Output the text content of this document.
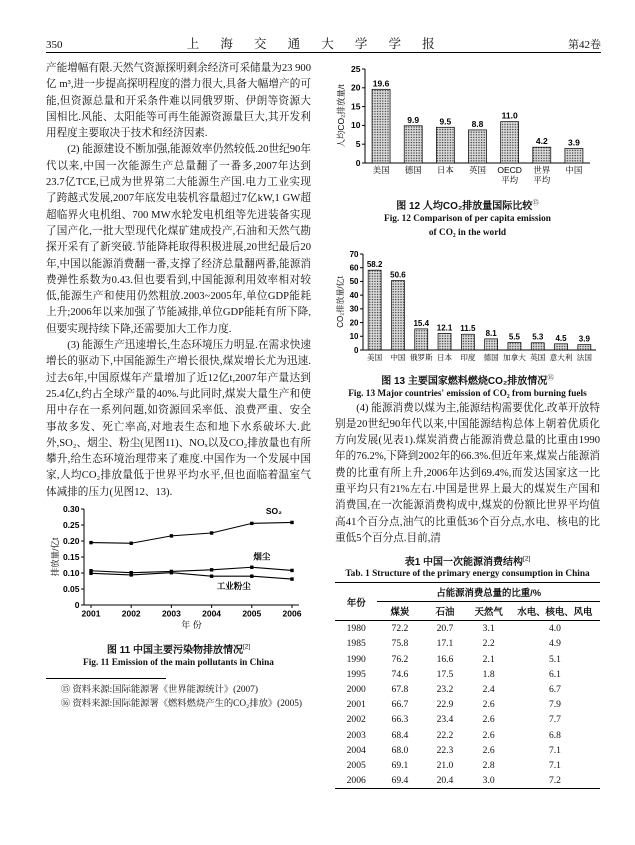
350	上 海 交 通 大 学 学 报	第42卷

产能增幅有限.天然气资源探明剩余经济可采储量为23 900 亿 m³,进一步提高探明程度的潜力很大,具备大幅增产的可能,但资源总量和开采条件难以同俄罗斯、伊朗等资源大国相比.风能、太阳能等可再生能源资源量巨大,其开发利用程度主要取决于技术和经济因素.

(2) 能源建设不断加强,能源效率仍然较低.20世纪90年代以来,中国一次能源生产总量翻了一番多,2007年达到23.7亿TCE,已成为世界第二大能源生产国.电力工业实现了跨越式发展,2007年底发电装机容量超过7亿kW,1 GW超超临界火电机组、700 MW水轮发电机组等先进装备实现了国产化,一批大型现代化煤矿建成投产,石油和天然气勘探开采有了新突破.节能降耗取得积极进展,20世纪最后20年,中国以能源消费翻一番,支撑了经济总量翻两番,能源消费弹性系数为0.43.但也要看到,中国能源利用效率相对较低,能源生产和使用仍然粗放.2003~2005年,单位GDP能耗上升;2006年以来加强了节能减排,单位GDP能耗有所下降,但要实现持续下降,还需要加大工作力度.

(3) 能源生产迅速增长,生态环境压力明显.在需求快速增长的驱动下,中国能源生产增长很快,煤炭增长尤为迅速.过去6年,中国原煤年产量增加了近12亿t,2007年产量达到25.4亿t,约占全球产量的40%.与此同时,煤炭大量生产和使用中存在一系列问题,如资源回采率低、浪费严重、安全事故多发、死亡率高,对地表生态和地下水系破坏大.此外,SO₂、烟尘、粉尘(见图11)、NOₓ以及CO₂排放量也有所攀升,给生态环境治理带来了难度.中国作为一个发展中国家,人均CO₂排放量低于世界平均水平,但也面临着温室气体减排的压力(见图12、13).

0
0.05
0.10
0.15
0.20
0.25
0.30
排放量/亿t
2001	2002	2003	2004	2005	2006
年 份
SO₂
烟尘
工业粉尘
图 11 中国主要污染物排放情况[2]
Fig. 11 Emission of the main pollutants in China

⑮ 资料来源:国际能源署《世界能源统计》(2007)

⑯ 资料来源:国际能源署《燃料燃烧产生的CO₂排放》(2005)

0
5
10
15
20
25
人均CO₂排放量/t
19.6
美国
9.9
德国
9.5
日本
8.8
英国
11.0
OECD
平均
4.2
世界
平均
3.9
中国
图 12 人均CO₂排放量国际比较⑮
Fig. 12 Comparison of per capita emission
of CO₂ in the world
0
10
20
30
40
50
60
70
CO₂排放量/亿t
58.2
美国
50.6
中国
15.4
俄罗斯
12.1
日本
11.5
印度
8.1
德国
5.5
加拿大
5.3
英国
4.5
意大利
3.9
法国
图 13 主要国家燃料燃烧CO₂排放情况⑯
Fig. 13 Major countries' emission of CO₂ from burning fuels

(4) 能源消费以煤为主,能源结构需要优化.改革开放特别是20世纪90年代以来,中国能源结构总体上朝着优质化方向发展(见表1).煤炭消费占能源消费总量的比重由1990年的76.2%,下降到2002年的66.3%.但近年来,煤炭占能源消费的比重有所上升,2006年达到69.4%,而发达国家这一比重平均只有21%左右.中国是世界上最大的煤炭生产国和消费国,在一次能源消费构成中,煤炭的份额比世界平均值高41个百分点,油气的比重低36个百分点,水电、核电的比重低5个百分点.目前,清

表1 中国一次能源消费结构[2]
Tab. 1 Structure of the primary energy consumption in China
年份	占能源消费总量的比重/%			
	煤炭	石油	天然气	水电、核电、风电
1980	72.2	20.7	3.1	4.0
1985	75.8	17.1	2.2	4.9
1990	76.2	16.6	2.1	5.1
1995	74.6	17.5	1.8	6.1
2000	67.8	23.2	2.4	6.7
2001	66.7	22.9	2.6	7.9
2002	66.3	23.4	2.6	7.7
2003	68.4	22.2	2.6	6.8
2004	68.0	22.3	2.6	7.1
2005	69.1	21.0	2.8	7.1
2006	69.4	20.4	3.0	7.2
